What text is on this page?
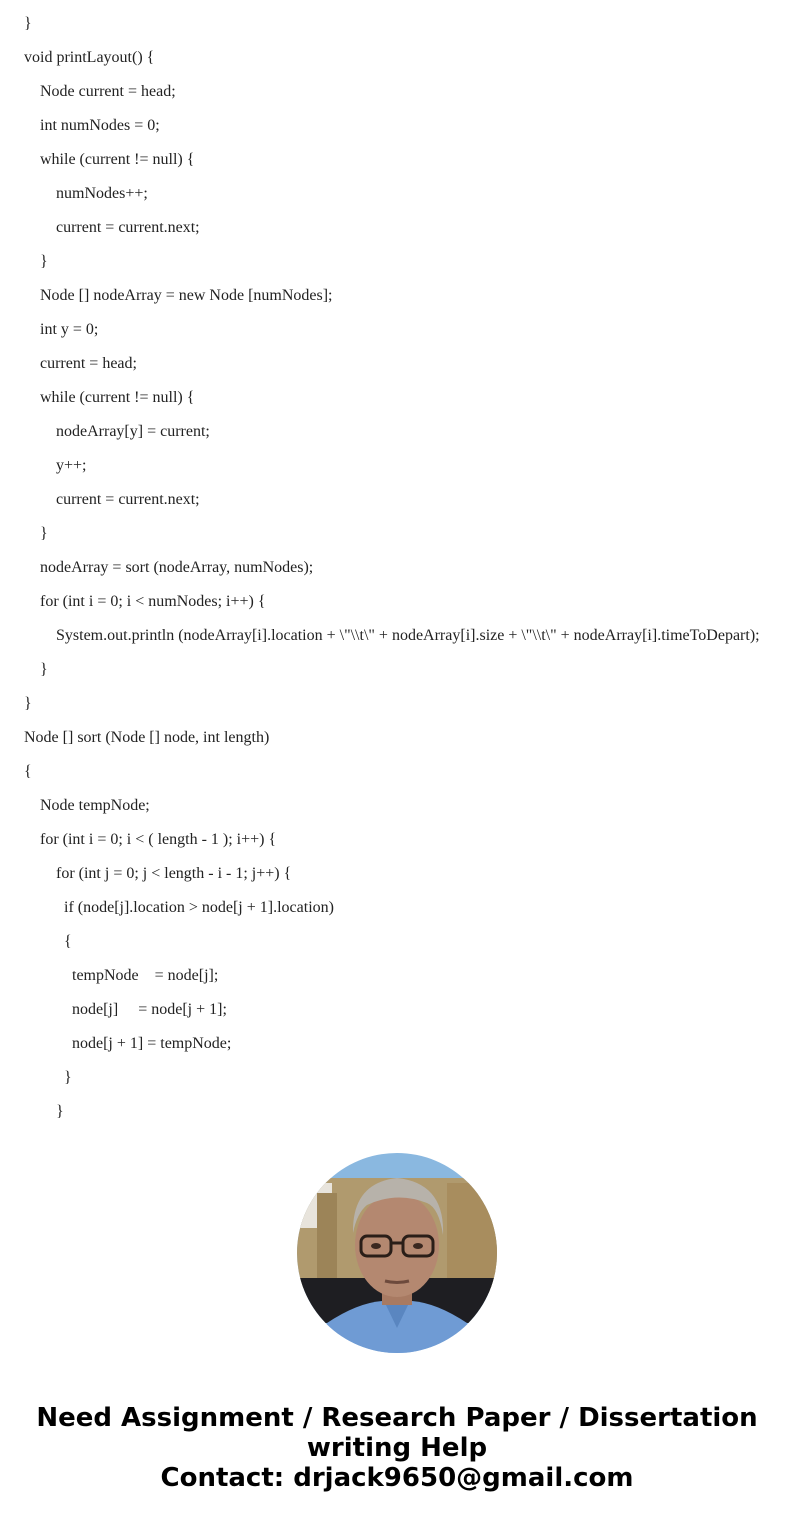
}
void printLayout() {
Node current = head;
int numNodes = 0;
while (current != null) {
numNodes++;
current = current.next;
}
Node [] nodeArray = new Node [numNodes];
int y = 0;
current = head;
while (current != null) {
nodeArray[y] = current;
y++;
current = current.next;
}
nodeArray = sort (nodeArray, numNodes);
for (int i = 0; i < numNodes; i++) {
System.out.println (nodeArray[i].location + \"\\t\" + nodeArray[i].size + \"\\t\" + nodeArray[i].timeToDepart);
}
}
Node [] sort (Node [] node, int length)
{
Node tempNode;
for (int i = 0; i < ( length - 1 ); i++) {
for (int j = 0; j < length - i - 1; j++) {
if (node[j].location > node[j + 1].location)
{
tempNode    = node[j];
node[j]     = node[j + 1];
node[j + 1] = tempNode;
}
}
Need Assignment / Research Paper / Dissertation
writing Help
Contact: drjack9650@gmail.com
